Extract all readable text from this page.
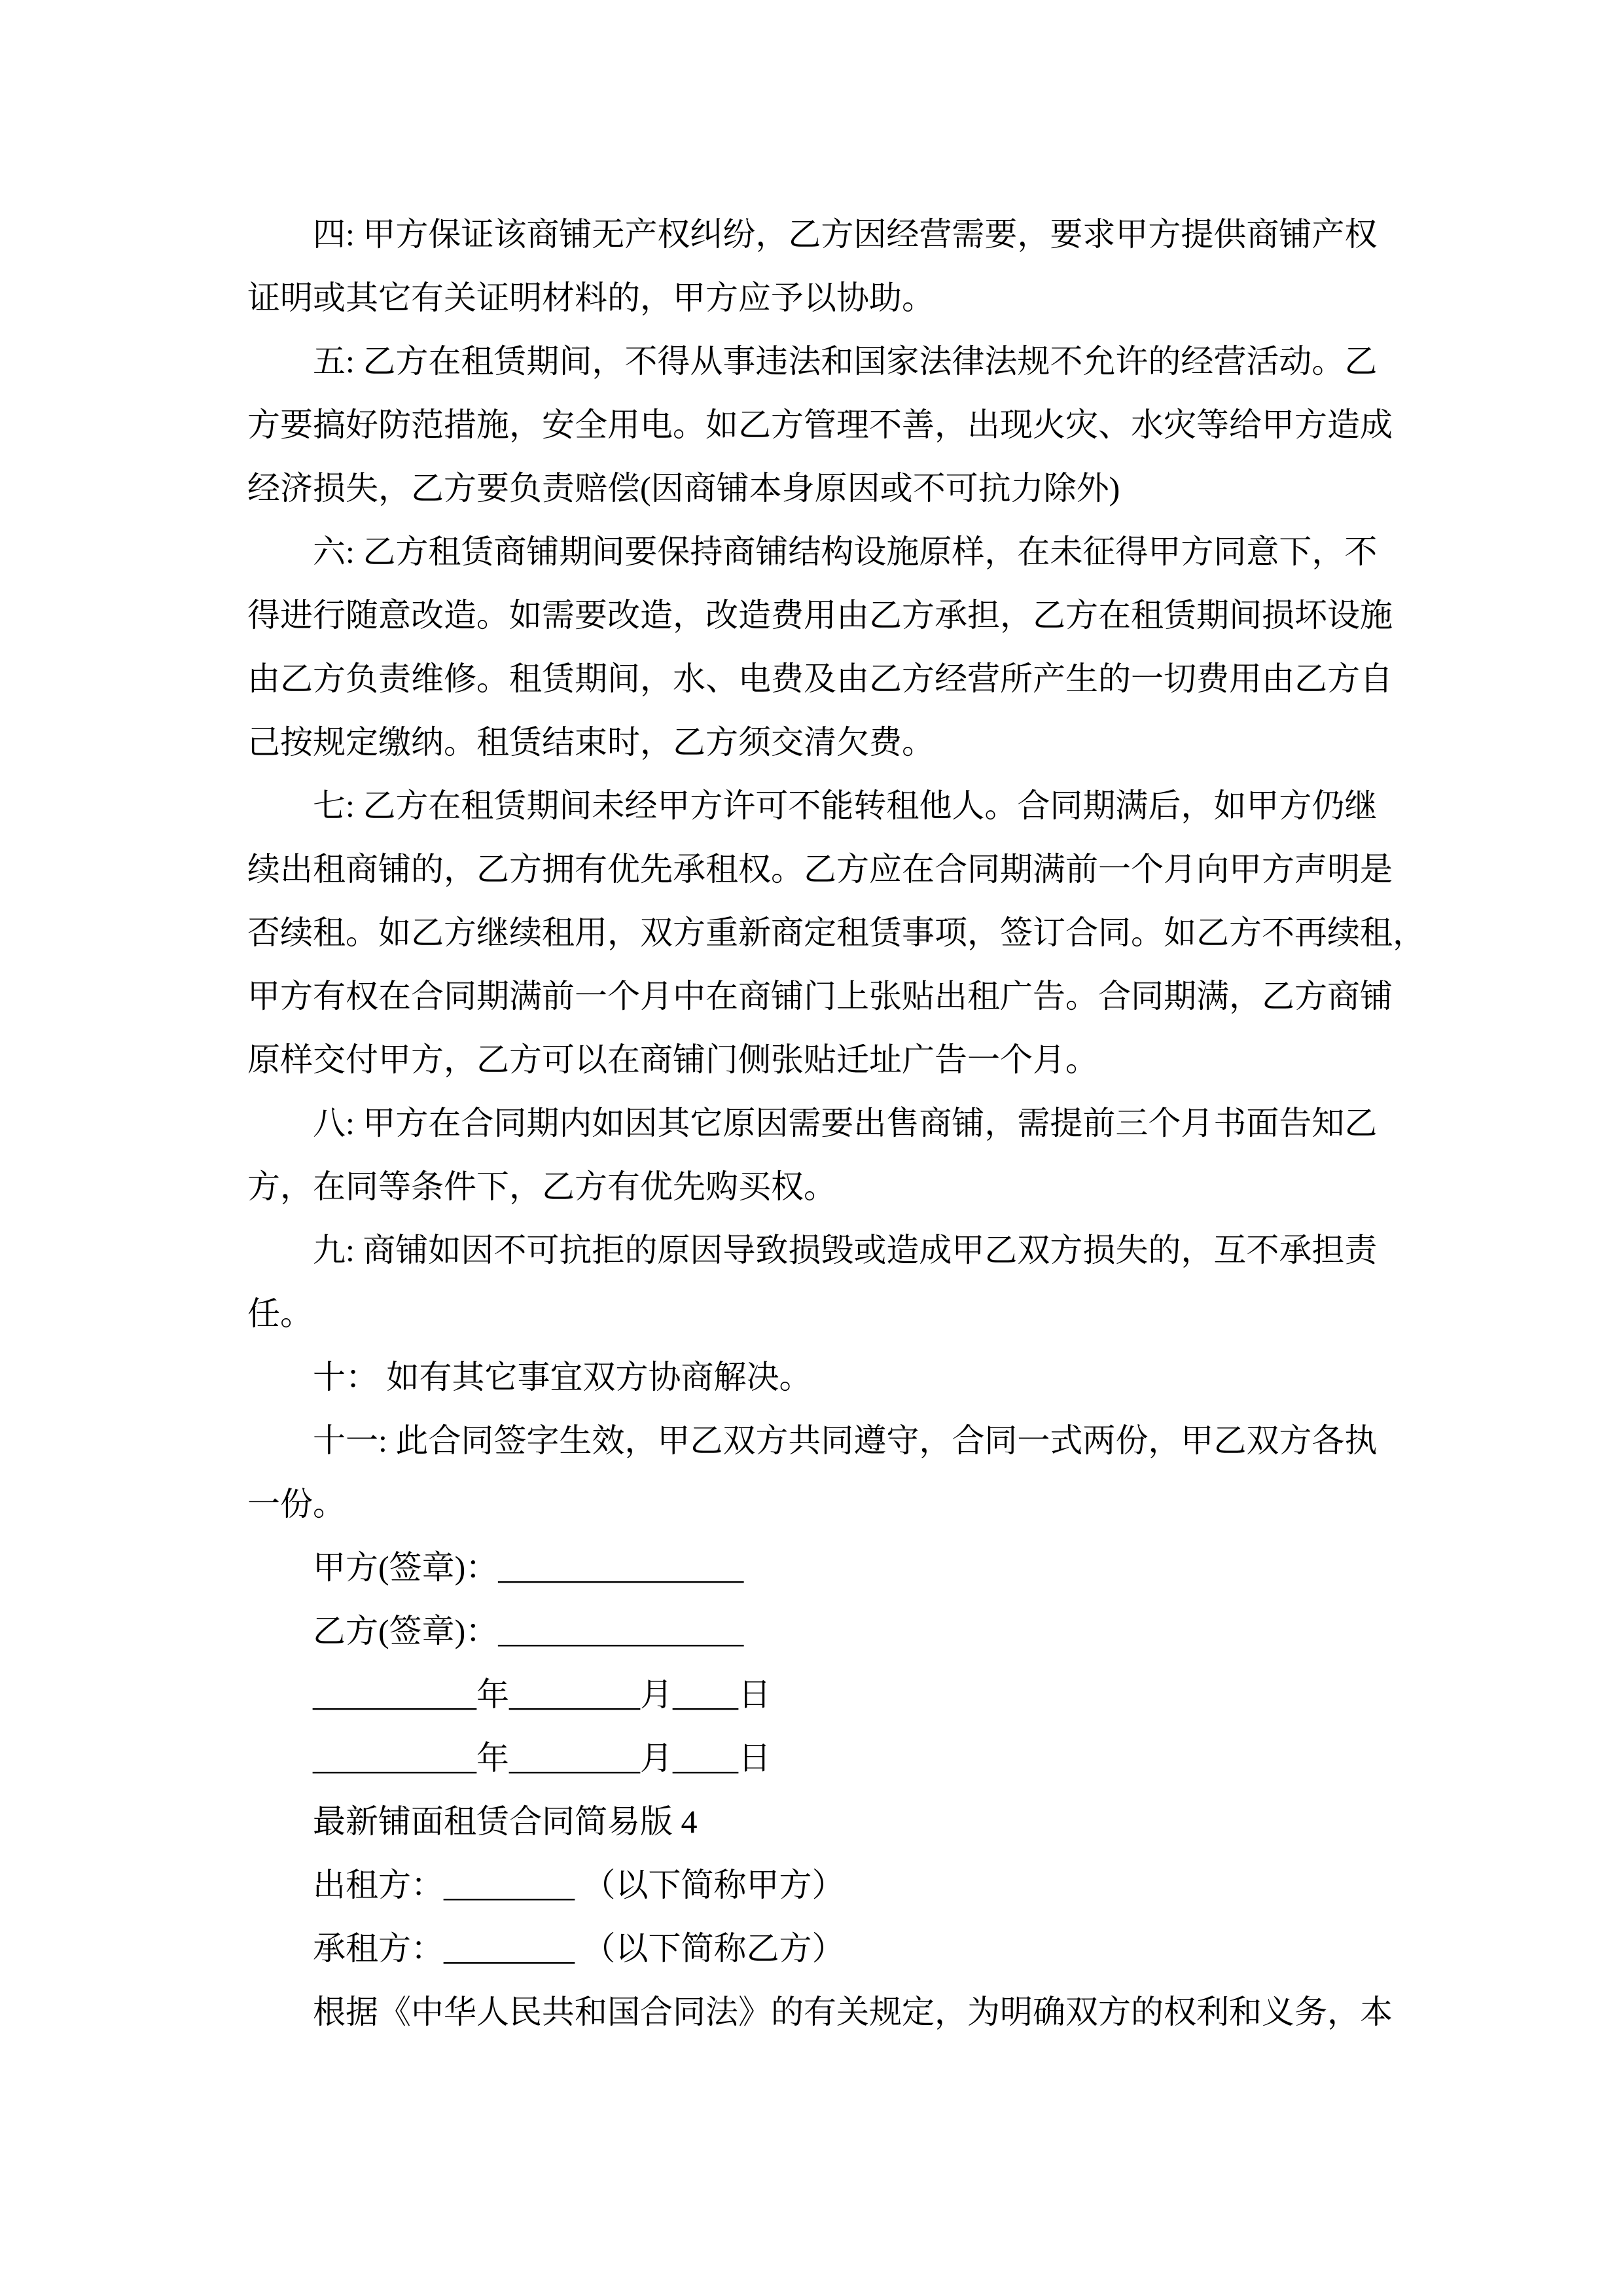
四: 甲方保证该商铺无产权纠纷，乙方因经营需要，要求甲方提供商铺产权
证明或其它有关证明材料的，甲方应予以协助。
五: 乙方在租赁期间，不得从事违法和国家法律法规不允许的经营活动。乙
方要搞好防范措施，安全用电。如乙方管理不善，出现火灾、水灾等给甲方造成
经济损失，乙方要负责赔偿(因商铺本身原因或不可抗力除外)
六: 乙方租赁商铺期间要保持商铺结构设施原样，在未征得甲方同意下，不
得进行随意改造。如需要改造，改造费用由乙方承担，乙方在租赁期间损坏设施
由乙方负责维修。租赁期间，水、电费及由乙方经营所产生的一切费用由乙方自
己按规定缴纳。租赁结束时，乙方须交清欠费。
七: 乙方在租赁期间未经甲方许可不能转租他人。合同期满后，如甲方仍继
续出租商铺的，乙方拥有优先承租权。乙方应在合同期满前一个月向甲方声明是
否续租。如乙方继续租用，双方重新商定租赁事项，签订合同。如乙方不再续租，
甲方有权在合同期满前一个月中在商铺门上张贴出租广告。合同期满，乙方商铺
原样交付甲方，乙方可以在商铺门侧张贴迁址广告一个月。
八: 甲方在合同期内如因其它原因需要出售商铺，需提前三个月书面告知乙
方，在同等条件下，乙方有优先购买权。
九: 商铺如因不可抗拒的原因导致损毁或造成甲乙双方损失的，互不承担责
任。
十： 如有其它事宜双方协商解决。
十一: 此合同签字生效，甲乙双方共同遵守，合同一式两份，甲乙双方各执
一份。
甲方(签章)：_______________
乙方(签章)：_______________
__________年________月____日
__________年________月____日
最新铺面租赁合同简易版 4
出租方：________ （以下简称甲方）
承租方：________ （以下简称乙方）
根据《中华人民共和国合同法》的有关规定，为明确双方的权利和义务，本
